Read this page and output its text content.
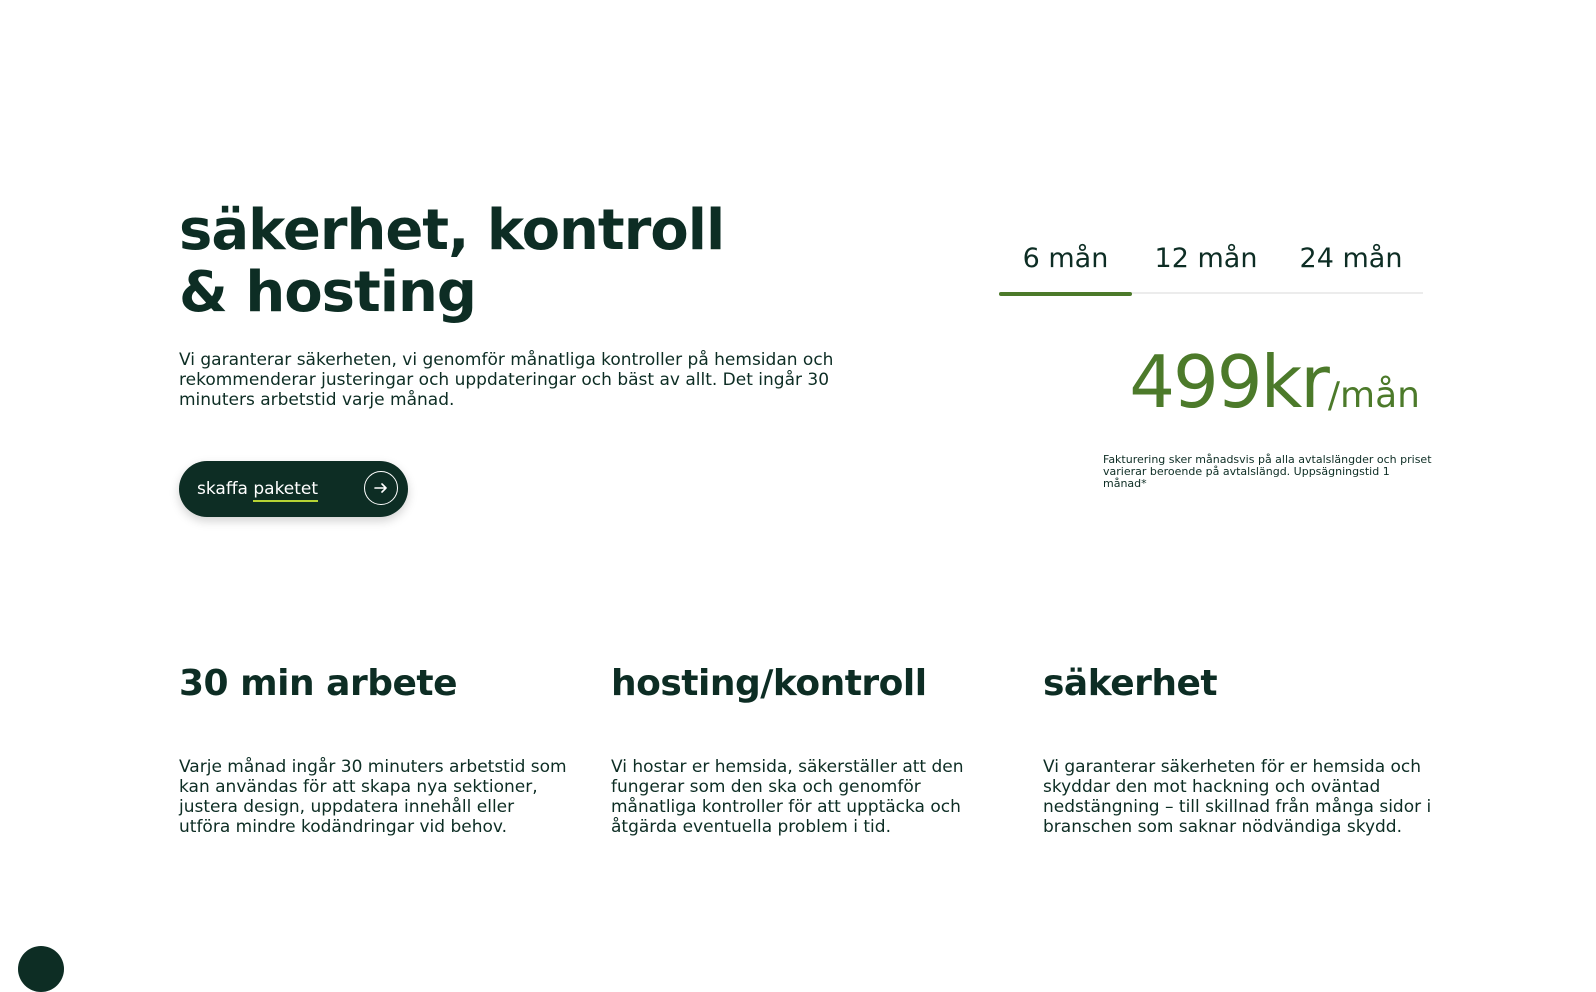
säkerhet, kontroll
& hosting

Vi garanterar säkerheten, vi genomför månatliga kontroller på hemsidan och rekommenderar justeringar och uppdateringar och bäst av allt. Det ingår 30 minuters arbetstid varje månad.

skaffa paketet
6 mån	12 mån	24 mån
499kr/mån

Fakturering sker månadsvis på alla avtalslängder och priset varierar beroende på avtalslängd. Uppsägningstid 1 månad*

30 min arbete

Varje månad ingår 30 minuters arbetstid som kan användas för att skapa nya sektioner, justera design, uppdatera innehåll eller utföra mindre kodändringar vid behov.

hosting/kontroll

Vi hostar er hemsida, säkerställer att den fungerar som den ska och genomför månatliga kontroller för att upptäcka och åtgärda eventuella problem i tid.

säkerhet

Vi garanterar säkerheten för er hemsida och skyddar den mot hackning och oväntad nedstängning – till skillnad från många sidor i branschen som saknar nödvändiga skydd.
